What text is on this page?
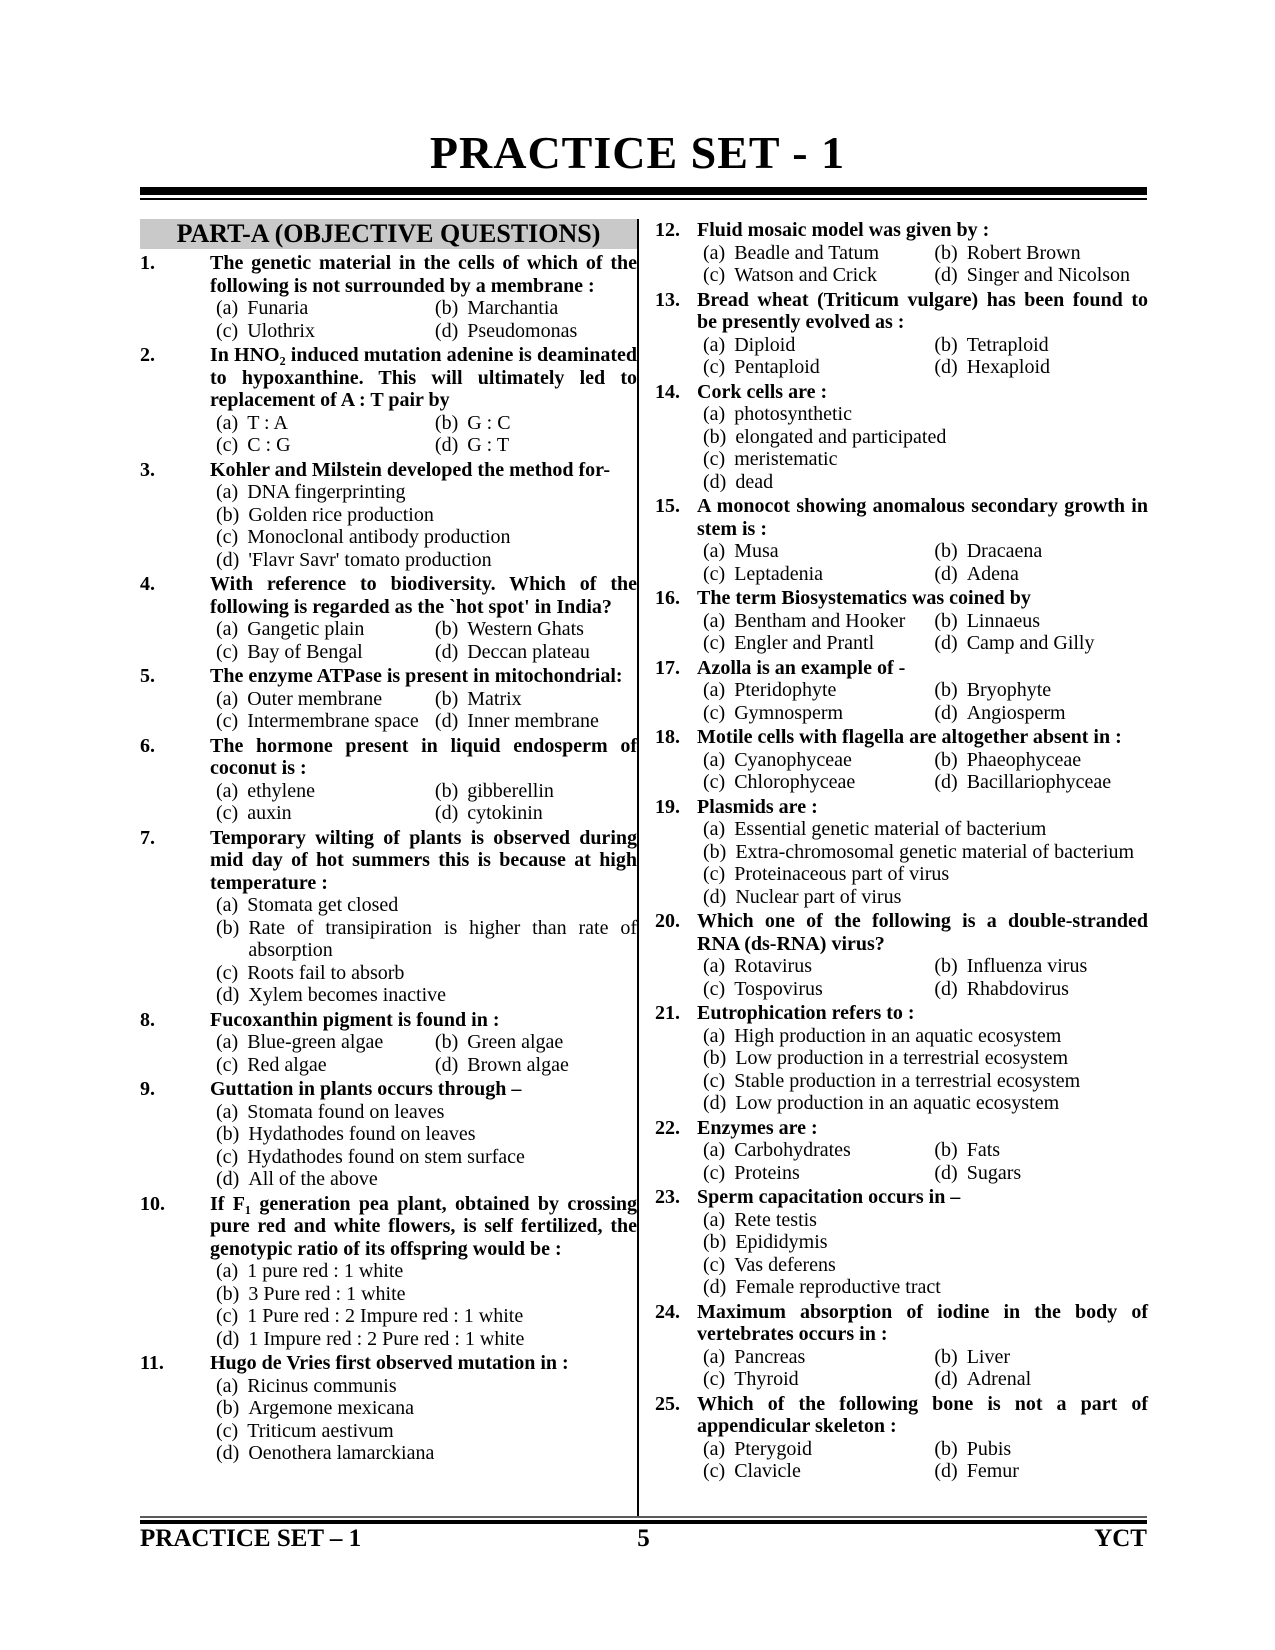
PRACTICE SET - 1
PART-A (OBJECTIVE QUESTIONS)
1.	The genetic material in the cells of which of the following is not surrounded by a membrane :
(a) Funaria	(b) Marchantia
(c) Ulothrix	(d) Pseudomonas
2.	In HNO₂ induced mutation adenine is deaminated to hypoxanthine. This will ultimately led to replacement of A : T pair by
(a) T : A	(b) G : C
(c) C : G	(d) G : T
3.	Kohler and Milstein developed the method for-
(a) DNA fingerprinting
(b) Golden rice production
(c) Monoclonal antibody production
(d) 'Flavr Savr' tomato production
4.	With reference to biodiversity. Which of the following is regarded as the `hot spot' in India?
(a) Gangetic plain	(b) Western Ghats
(c) Bay of Bengal	(d) Deccan plateau
5.	The enzyme ATPase is present in mitochondrial:
(a) Outer membrane	(b) Matrix
(c) Intermembrane space (d) Inner membrane
6.	The hormone present in liquid endosperm of coconut is :
(a) ethylene	(b) gibberellin
(c) auxin	(d) cytokinin
7.	Temporary wilting of plants is observed during mid day of hot summers this is because at high temperature :
(a) Stomata get closed
(b) Rate of transipiration is higher than rate of absorption
(c) Roots fail to absorb
(d) Xylem becomes inactive
8.	Fucoxanthin pigment is found in :
(a) Blue-green algae	(b) Green algae
(c) Red algae	(d) Brown algae
9.	Guttation in plants occurs through –
(a) Stomata found on leaves
(b) Hydathodes found on leaves
(c) Hydathodes found on stem surface
(d) All of the above
10.	If F₁ generation pea plant, obtained by crossing pure red and white flowers, is self fertilized, the genotypic ratio of its offspring would be :
(a) 1 pure red : 1 white
(b) 3 Pure red : 1 white
(c) 1 Pure red : 2 Impure red : 1 white
(d) 1 Impure red : 2 Pure red : 1 white
11.	Hugo de Vries first observed mutation in :
(a) Ricinus communis
(b) Argemone mexicana
(c) Triticum aestivum
(d) Oenothera lamarckiana
12. Fluid mosaic model was given by :
(a) Beadle and Tatum	(b) Robert Brown
(c) Watson and Crick	(d) Singer and Nicolson
13. Bread wheat (Triticum vulgare) has been found to be presently evolved as :
(a) Diploid	(b) Tetraploid
(c) Pentaploid	(d) Hexaploid
14. Cork cells are :
(a) photosynthetic
(b) elongated and participated
(c) meristematic
(d) dead
15. A monocot showing anomalous secondary growth in stem is :
(a) Musa	(b) Dracaena
(c) Leptadenia	(d) Adena
16. The term Biosystematics was coined by
(a) Bentham and Hooker (b) Linnaeus
(c) Engler and Prantl	(d) Camp and Gilly
17. Azolla is an example of -
(a) Pteridophyte	(b) Bryophyte
(c) Gymnosperm	(d) Angiosperm
18. Motile cells with flagella are altogether absent in :
(a) Cyanophyceae	(b) Phaeophyceae
(c) Chlorophyceae	(d) Bacillariophyceae
19. Plasmids are :
(a) Essential genetic material of bacterium
(b) Extra-chromosomal genetic material of bacterium
(c) Proteinaceous part of virus
(d) Nuclear part of virus
20. Which one of the following is a double-stranded RNA (ds-RNA) virus?
(a) Rotavirus	(b) Influenza virus
(c) Tospovirus	(d) Rhabdovirus
21. Eutrophication refers to :
(a) High production in an aquatic ecosystem
(b) Low production in a terrestrial ecosystem
(c) Stable production in a terrestrial ecosystem
(d) Low production in an aquatic ecosystem
22. Enzymes are :
(a) Carbohydrates	(b) Fats
(c) Proteins	(d) Sugars
23. Sperm capacitation occurs in –
(a) Rete testis
(b) Epididymis
(c) Vas deferens
(d) Female reproductive tract
24. Maximum absorption of iodine in the body of vertebrates occurs in :
(a) Pancreas	(b) Liver
(c) Thyroid	(d) Adrenal
25. Which of the following bone is not a part of appendicular skeleton :
(a) Pterygoid	(b) Pubis
(c) Clavicle	(d) Femur
PRACTICE SET – 1	5	YCT
